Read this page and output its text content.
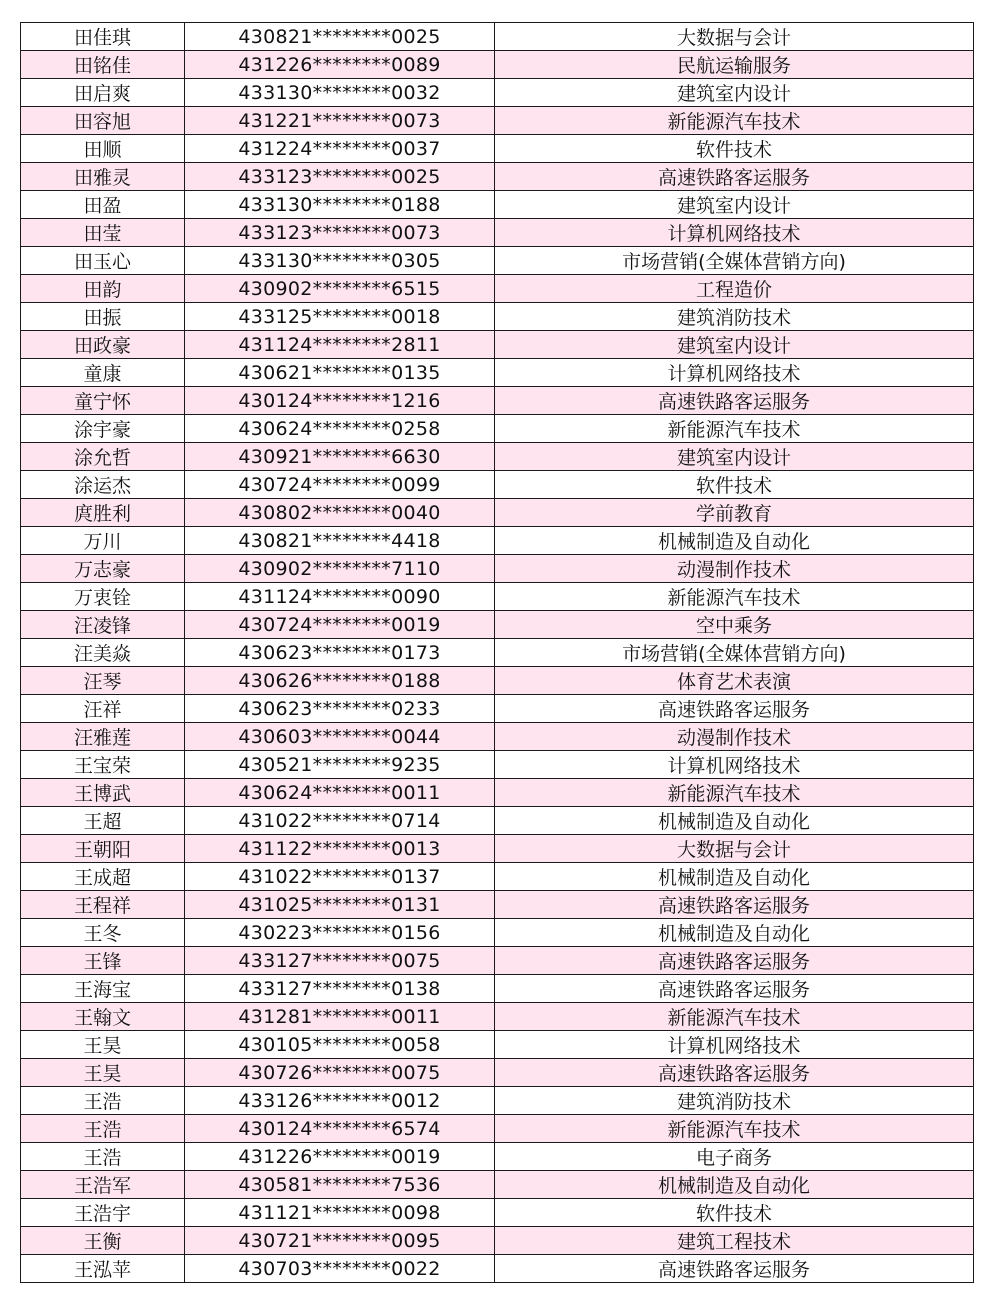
田佳琪	430821********0025	大数据与会计
田铭佳	431226********0089	民航运输服务
田启爽	433130********0032	建筑室内设计
田容旭	431221********0073	新能源汽车技术
田顺	431224********0037	软件技术
田雅灵	433123********0025	高速铁路客运服务
田盈	433130********0188	建筑室内设计
田莹	433123********0073	计算机网络技术
田玉心	433130********0305	市场营销(全媒体营销方向)
田韵	430902********6515	工程造价
田振	433125********0018	建筑消防技术
田政豪	431124********2811	建筑室内设计
童康	430621********0135	计算机网络技术
童宁怀	430124********1216	高速铁路客运服务
涂宇豪	430624********0258	新能源汽车技术
涂允哲	430921********6630	建筑室内设计
涂运杰	430724********0099	软件技术
庹胜利	430802********0040	学前教育
万川	430821********4418	机械制造及自动化
万志豪	430902********7110	动漫制作技术
万衷铨	431124********0090	新能源汽车技术
汪凌锋	430724********0019	空中乘务
汪美焱	430623********0173	市场营销(全媒体营销方向)
汪琴	430626********0188	体育艺术表演
汪祥	430623********0233	高速铁路客运服务
汪雅莲	430603********0044	动漫制作技术
王宝荣	430521********9235	计算机网络技术
王博武	430624********0011	新能源汽车技术
王超	431022********0714	机械制造及自动化
王朝阳	431122********0013	大数据与会计
王成超	431022********0137	机械制造及自动化
王程祥	431025********0131	高速铁路客运服务
王冬	430223********0156	机械制造及自动化
王锋	433127********0075	高速铁路客运服务
王海宝	433127********0138	高速铁路客运服务
王翰文	431281********0011	新能源汽车技术
王昊	430105********0058	计算机网络技术
王昊	430726********0075	高速铁路客运服务
王浩	433126********0012	建筑消防技术
王浩	430124********6574	新能源汽车技术
王浩	431226********0019	电子商务
王浩军	430581********7536	机械制造及自动化
王浩宇	431121********0098	软件技术
王衡	430721********0095	建筑工程技术
王泓苹	430703********0022	高速铁路客运服务
